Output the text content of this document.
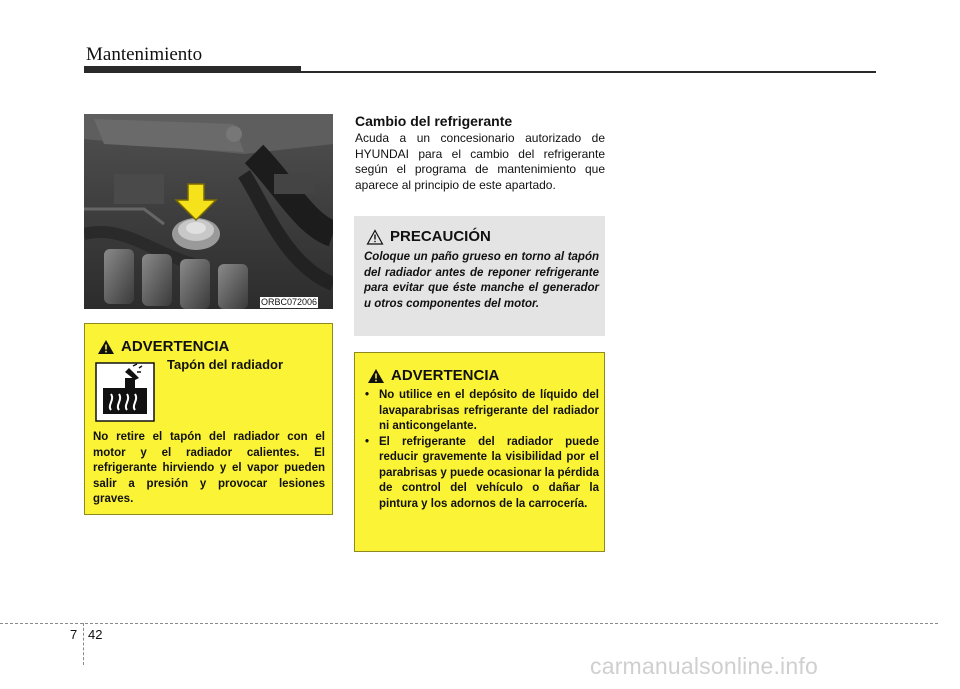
Mantenimiento
ORBC072006
ADVERTENCIA
Tapón del radiador
No retire el tapón del radiador con el motor y el radiador calientes. El refrigerante hirviendo y el vapor pueden salir a presión y provocar lesiones graves.
Cambio del refrigerante
Acuda a un concesionario autorizado de HYUNDAI para el cambio del refrigerante según el programa de mantenimiento que aparece al principio de este apartado.
PRECAUCIÓN
Coloque un paño grueso en torno al tapón del radiador antes de reponer refrigerante para evitar que éste manche el generador u otros componentes del motor.
ADVERTENCIA
• No utilice en el depósito de líquido del lavaparabrisas refrigerante del radiador ni anticongelante.
• El refrigerante del radiador puede reducir gravemente la visibilidad por el parabrisas y puede ocasionar la pérdida de control del vehículo o dañar la pintura y los adornos de la carrocería.
7 42
carmanualsonline.info
